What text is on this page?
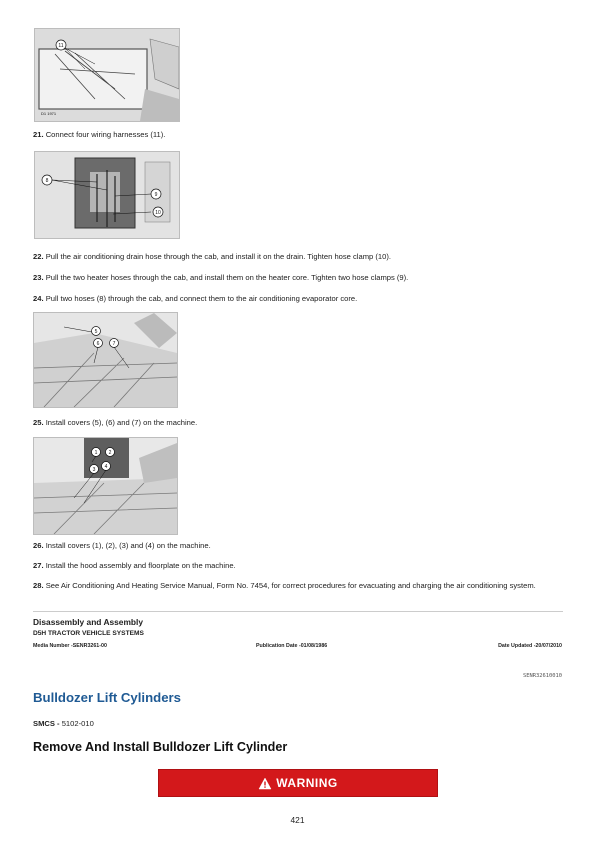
11
D1 1971
21. Connect four wiring harnesses (11).
8
9
10
22. Pull the air conditioning drain hose through the cab, and install it on the drain. Tighten hose clamp (10).
23. Pull the two heater hoses through the cab, and install them on the heater core. Tighten two hose clamps (9).
24. Pull two hoses (8) through the cab, and connect them to the air conditioning evaporator core.
5
6	7
25. Install covers (5), (6) and (7) on the machine.
1 2
3 4
26. Install covers (1), (2), (3) and (4) on the machine.
27. Install the hood assembly and floorplate on the machine.
28. See Air Conditioning And Heating Service Manual, Form No. 7454, for correct procedures for evacuating and charging the air conditioning system.
Disassembly and Assembly
D5H TRACTOR VEHICLE SYSTEMS
Media Number -SENR3261-00	Publication Date -01/08/1986	Date Updated -20/07/2010
SENR32610010
Bulldozer Lift Cylinders
SMCS - 5102-010
Remove And Install Bulldozer Lift Cylinder
WARNING
421
